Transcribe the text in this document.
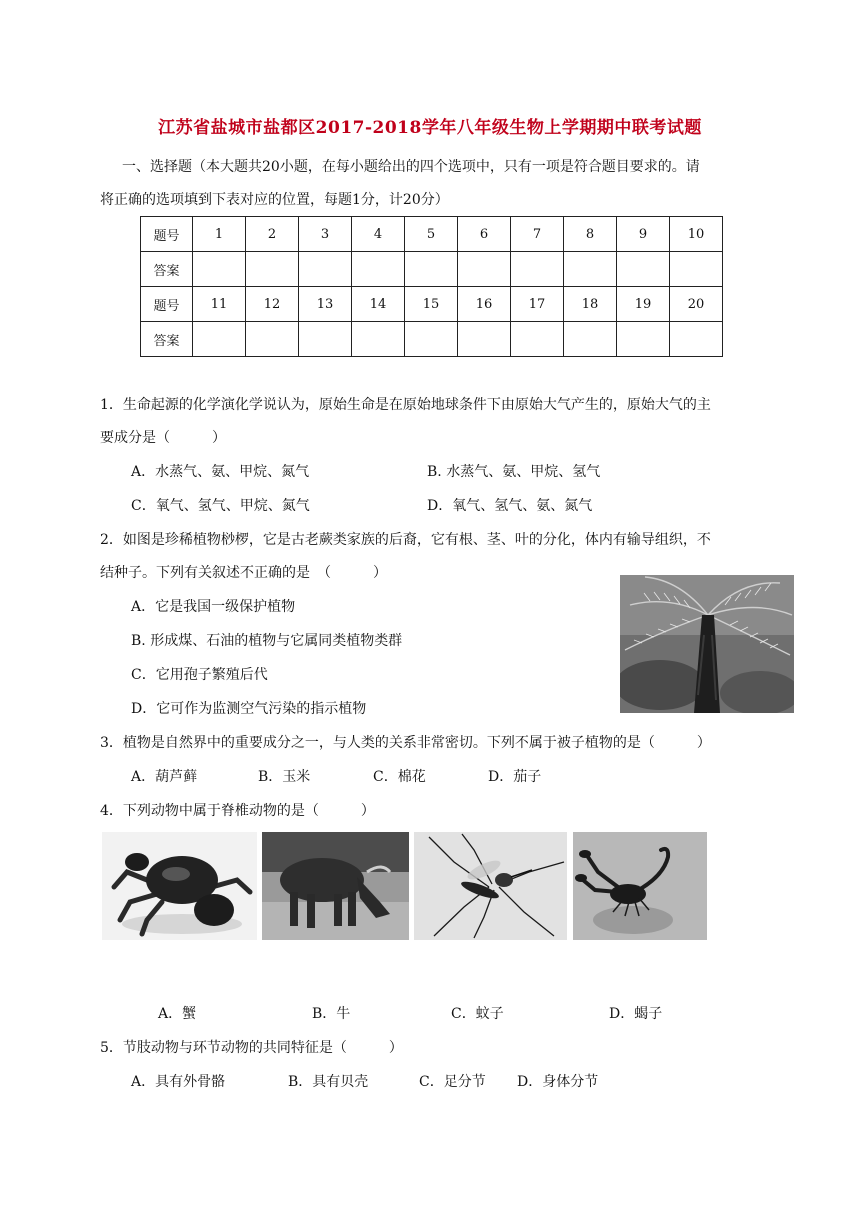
江苏省盐城市盐都区2017-2018学年八年级生物上学期期中联考试题
一、选择题（本大题共20小题，在每小题给出的四个选项中，只有一项是符合题目要求的。请
将正确的选项填到下表对应的位置，每题1分，计20分）
题号	1	2	3	4	5	6	7	8	9	10
答案										
题号	11	12	13	14	15	16	17	18	19	20
答案										
1．生命起源的化学演化学说认为，原始生命是在原始地球条件下由原始大气产生的，原始大气的主
要成分是（　　　）
A．水蒸气、氨、甲烷、氮气	B. 水蒸气、氨、甲烷、氢气
C．氧气、氢气、甲烷、氮气	D．氧气、氢气、氨、氮气
2．如图是珍稀植物桫椤，它是古老蕨类家族的后裔，它有根、茎、叶的分化，体内有输导组织，不
结种子。下列有关叙述不正确的是　（　　　）
A．它是我国一级保护植物
B. 形成煤、石油的植物与它属同类植物类群
C．它用孢子繁殖后代
D．它可作为监测空气污染的指示植物
3．植物是自然界中的重要成分之一，与人类的关系非常密切。下列不属于被子植物的是（　　　）
A．葫芦藓	B．玉米	C．棉花	D．茄子
4．下列动物中属于脊椎动物的是（　　　）
A．蟹	B．牛	C．蚊子	D．蝎子
5．节肢动物与环节动物的共同特征是（　　　）
A．具有外骨骼	B．具有贝壳	C．足分节 D．身体分节
